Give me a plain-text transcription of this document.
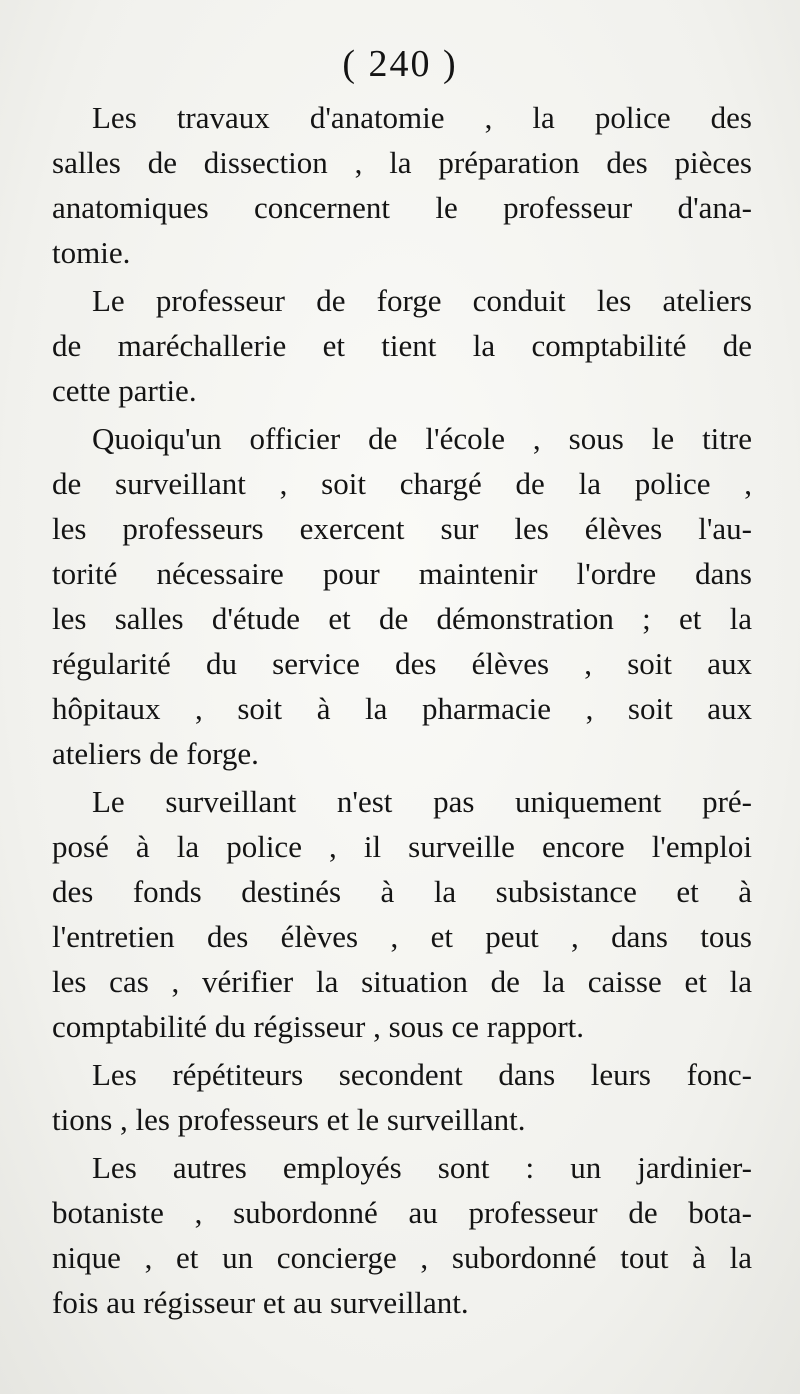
( 240 )
Les travaux d'anatomie , la police des
salles de dissection , la préparation des pièces
anatomiques concernent le professeur d'ana-
tomie.
Le professeur de forge conduit les ateliers
de maréchallerie et tient la comptabilité de
cette partie.
Quoiqu'un officier de l'école , sous le titre
de surveillant , soit chargé de la police ,
les professeurs exercent sur les élèves l'au-
torité nécessaire pour maintenir l'ordre dans
les salles d'étude et de démonstration ; et la
régularité du service des élèves , soit aux
hôpitaux , soit à la pharmacie , soit aux
ateliers de forge.
Le surveillant n'est pas uniquement pré-
posé à la police , il surveille encore l'emploi
des fonds destinés à la subsistance et à
l'entretien des élèves , et peut , dans tous
les cas , vérifier la situation de la caisse et la
comptabilité du régisseur , sous ce rapport.
Les répétiteurs secondent dans leurs fonc-
tions , les professeurs et le surveillant.
Les autres employés sont : un jardinier-
botaniste , subordonné au professeur de bota-
nique , et un concierge , subordonné tout à la
fois au régisseur et au surveillant.
